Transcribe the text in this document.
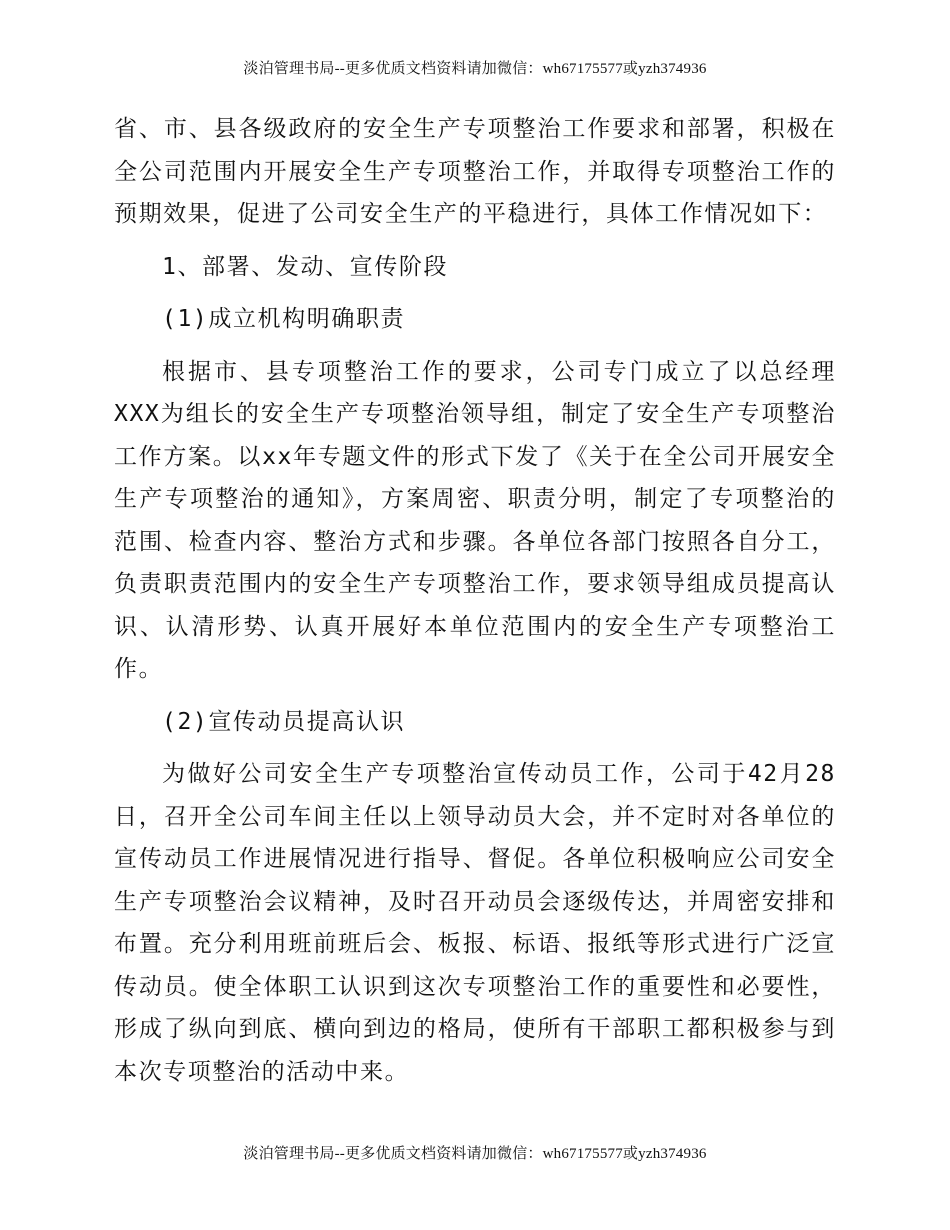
淡泊管理书局--更多优质文档资料请加微信：wh67175577或yzh374936

省、市、县各级政府的安全生产专项整治工作要求和部署，积极在全公司范围内开展安全生产专项整治工作，并取得专项整治工作的预期效果，促进了公司安全生产的平稳进行，具体工作情况如下：

1、部署、发动、宣传阶段

(1)成立机构明确职责

根据市、县专项整治工作的要求，公司专门成立了以总经理XXX为组长的安全生产专项整治领导组，制定了安全生产专项整治工作方案。以xx年专题文件的形式下发了《关于在全公司开展安全生产专项整治的通知》，方案周密、职责分明，制定了专项整治的范围、检查内容、整治方式和步骤。各单位各部门按照各自分工，负责职责范围内的安全生产专项整治工作，要求领导组成员提高认识、认清形势、认真开展好本单位范围内的安全生产专项整治工作。

(2)宣传动员提高认识

为做好公司安全生产专项整治宣传动员工作，公司于42月28日，召开全公司车间主任以上领导动员大会，并不定时对各单位的宣传动员工作进展情况进行指导、督促。各单位积极响应公司安全生产专项整治会议精神，及时召开动员会逐级传达，并周密安排和布置。充分利用班前班后会、板报、标语、报纸等形式进行广泛宣传动员。使全体职工认识到这次专项整治工作的重要性和必要性，形成了纵向到底、横向到边的格局，使所有干部职工都积极参与到本次专项整治的活动中来。

淡泊管理书局--更多优质文档资料请加微信：wh67175577或yzh374936
